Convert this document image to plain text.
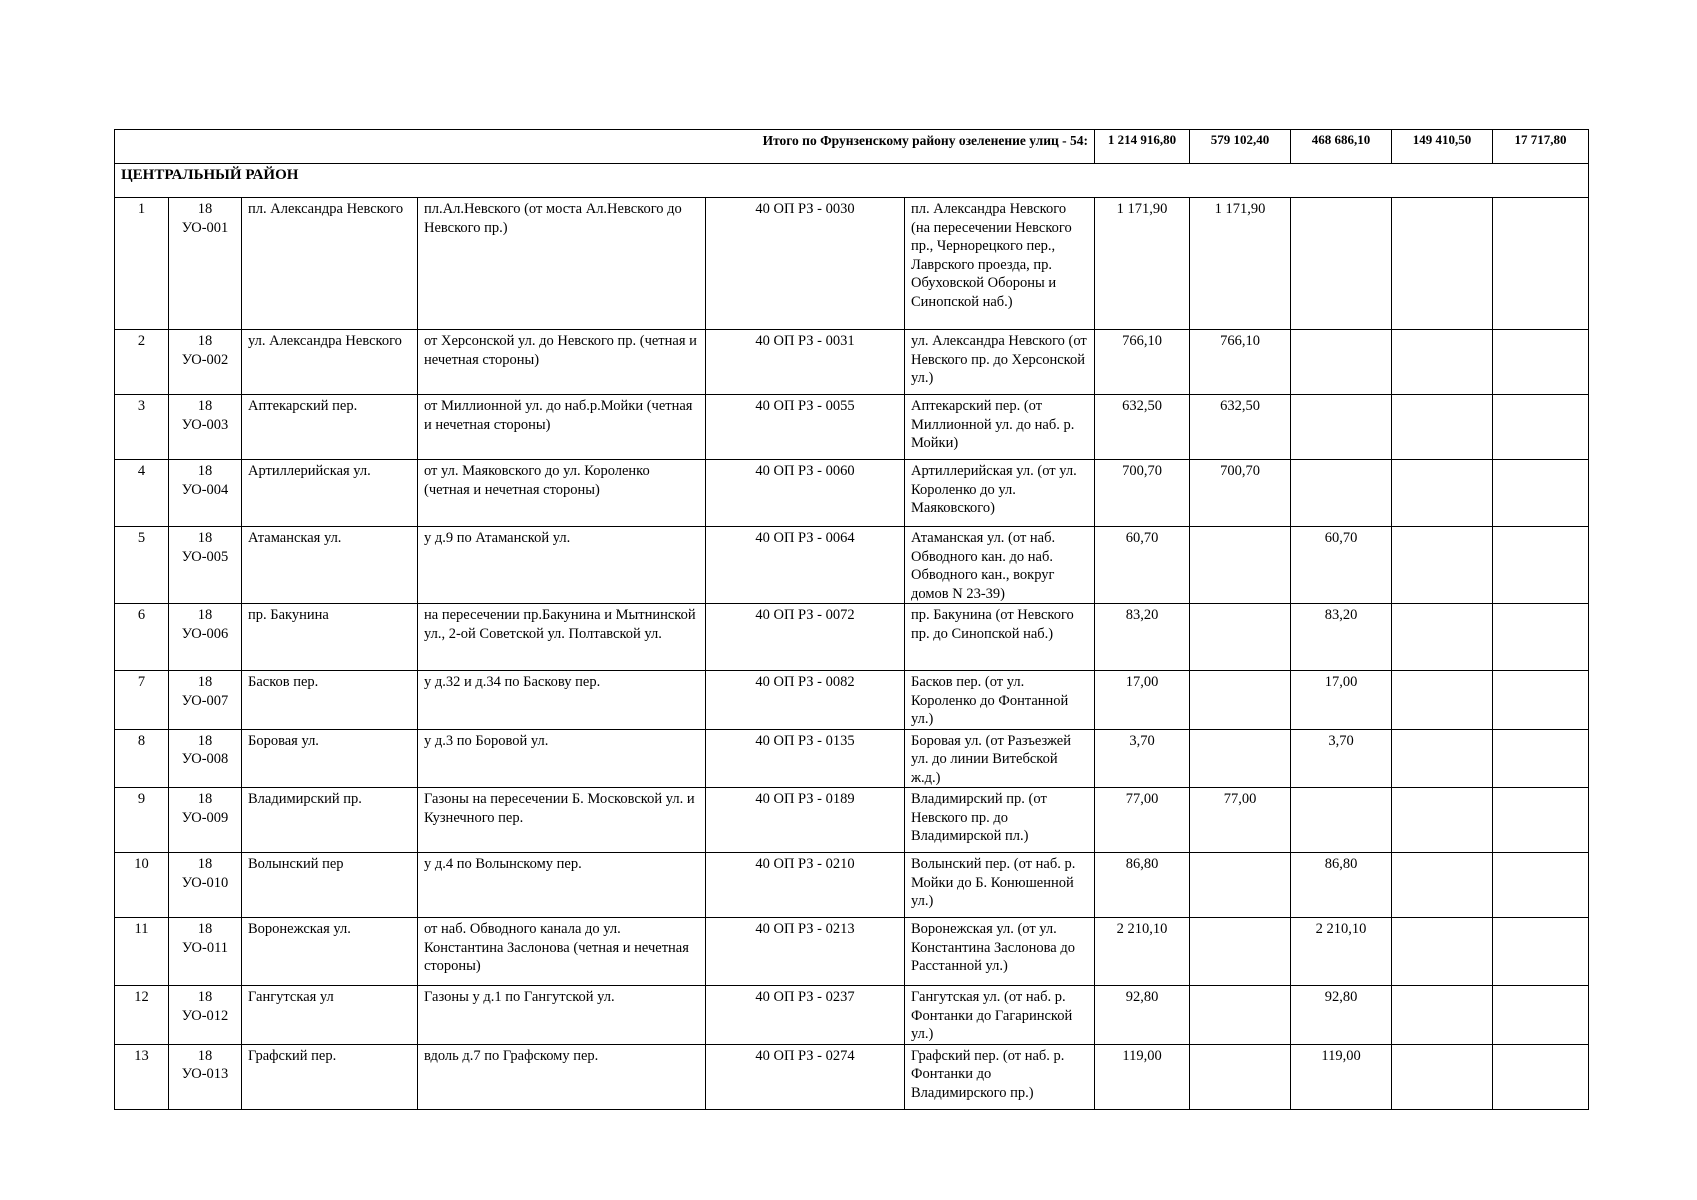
Итого по Фрунзенскому району озеленение улиц - 54:						1 214 916,80	579 102,40	468 686,10	149 410,50	17 717,80
ЦЕНТРАЛЬНЫЙ РАЙОН										
1	18 УО-001	пл. Александра Невского	пл.Ал.Невского (от моста Ал.Невского до Невского пр.)	40 ОП РЗ - 0030	пл. Александра Невского (на пересечении Невского пр., Чернорецкого пер., Лаврского проезда, пр. Обуховской Обороны и Синопской наб.)	1 171,90	1 171,90			
2	18 УО-002	ул. Александра Невского	от Херсонской ул. до Невского пр. (четная и нечетная стороны)	40 ОП РЗ - 0031	ул. Александра Невского (от Невского пр. до Херсонской ул.)	766,10	766,10			
3	18 УО-003	Аптекарский пер.	от Миллионной ул. до наб.р.Мойки (четная и нечетная стороны)	40 ОП РЗ - 0055	Аптекарский пер. (от Миллионной ул. до наб. р. Мойки)	632,50	632,50			
4	18 УО-004	Артиллерийская ул.	от ул. Маяковского до ул. Короленко (четная и нечетная стороны)	40 ОП РЗ - 0060	Артиллерийская ул. (от ул. Короленко до ул. Маяковского)	700,70	700,70			
5	18 УО-005	Атаманская ул.	у д.9 по Атаманской ул.	40 ОП РЗ - 0064	Атаманская ул. (от наб. Обводного кан. до наб. Обводного кан., вокруг домов N 23-39)	60,70		60,70		
6	18 УО-006	пр. Бакунина	на пересечении пр.Бакунина и Мытнинской ул., 2-ой Советской ул. Полтавской ул.	40 ОП РЗ - 0072	пр. Бакунина (от Невского пр. до Синопской наб.)	83,20		83,20		
7	18 УО-007	Басков пер.	у д.32 и д.34 по Баскову пер.	40 ОП РЗ - 0082	Басков пер. (от ул. Короленко до Фонтанной ул.)	17,00		17,00		
8	18 УО-008	Боровая ул.	у д.3 по Боровой ул.	40 ОП РЗ - 0135	Боровая ул. (от Разъезжей ул. до линии Витебской ж.д.)	3,70		3,70		
9	18 УО-009	Владимирский пр.	Газоны на пересечении Б. Московской ул. и Кузнечного пер.	40 ОП РЗ - 0189	Владимирский пр. (от Невского пр. до Владимирской пл.)	77,00	77,00			
10	18 УО-010	Волынский пер	у д.4 по Волынскому пер.	40 ОП РЗ - 0210	Волынский пер. (от наб. р. Мойки до Б. Конюшенной ул.)	86,80		86,80		
11	18 УО-011	Воронежская ул.	от наб. Обводного канала до ул. Константина Заслонова (четная и нечетная стороны)	40 ОП РЗ - 0213	Воронежская ул. (от ул. Константина Заслонова до Расстанной ул.)	2 210,10		2 210,10		
12	18 УО-012	Гангутская ул	Газоны у д.1 по Гангутской ул.	40 ОП РЗ - 0237	Гангутская ул. (от наб. р. Фонтанки до Гагаринской ул.)	92,80		92,80		
13	18 УО-013	Графский пер.	вдоль д.7 по Графскому пер.	40 ОП РЗ - 0274	Графский пер. (от наб. р. Фонтанки до Владимирского пр.)	119,00		119,00		
